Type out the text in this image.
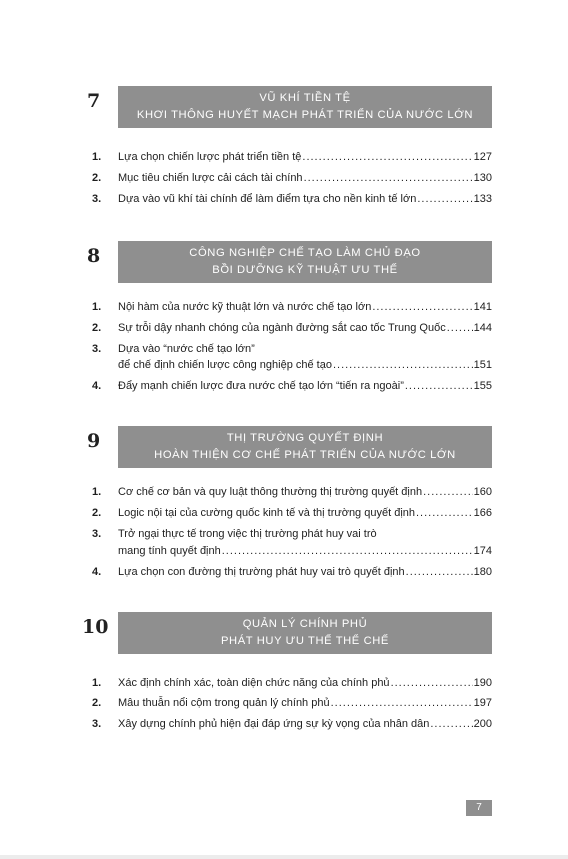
7	VŨ KHÍ TIỀN TỆ
KHƠI THÔNG HUYẾT MẠCH PHÁT TRIỂN CỦA NƯỚC LỚN
1.	Lựa chọn chiến lược phát triển tiền tệ .....	127
2.	Mục tiêu chiến lược cải cách tài chính .....	130
3.	Dựa vào vũ khí tài chính để làm điểm tựa cho nền kinh tế lớn .....	133
8	CÔNG NGHIỆP CHẾ TẠO LÀM CHỦ ĐẠO
BỒI DƯỠNG KỸ THUẬT ƯU THẾ
1.	Nội hàm của nước kỹ thuật lớn và nước chế tạo lớn .....	141
2.	Sự trỗi dậy nhanh chóng của ngành đường sắt cao tốc Trung Quốc .....	144
3.	Dựa vào “nước chế tạo lớn”
để chế định chiến lược công nghiệp chế tạo .....	151
4.	Đẩy mạnh chiến lược đưa nước chế tạo lớn “tiến ra ngoài” .....	155
9	THỊ TRƯỜNG QUYẾT ĐỊNH
HOÀN THIỆN CƠ CHẾ PHÁT TRIỂN CỦA NƯỚC LỚN
1.	Cơ chế cơ bản và quy luật thông thường thị trường quyết định .....	160
2.	Logic nội tại của cường quốc kinh tế và thị trường quyết định .....	166
3.	Trở ngại thực tế trong việc thị trường phát huy vai trò
mang tính quyết định .....	174
4.	Lựa chọn con đường thị trường phát huy vai trò quyết định .....	180
10	QUẢN LÝ CHÍNH PHỦ
PHÁT HUY ƯU THẾ THỂ CHẾ
1.	Xác định chính xác, toàn diện chức năng của chính phủ .....	190
2.	Mâu thuẫn nổi cộm trong quản lý chính phủ .....	197
3.	Xây dựng chính phủ hiện đại đáp ứng sự kỳ vọng của nhân dân .....	200
7
